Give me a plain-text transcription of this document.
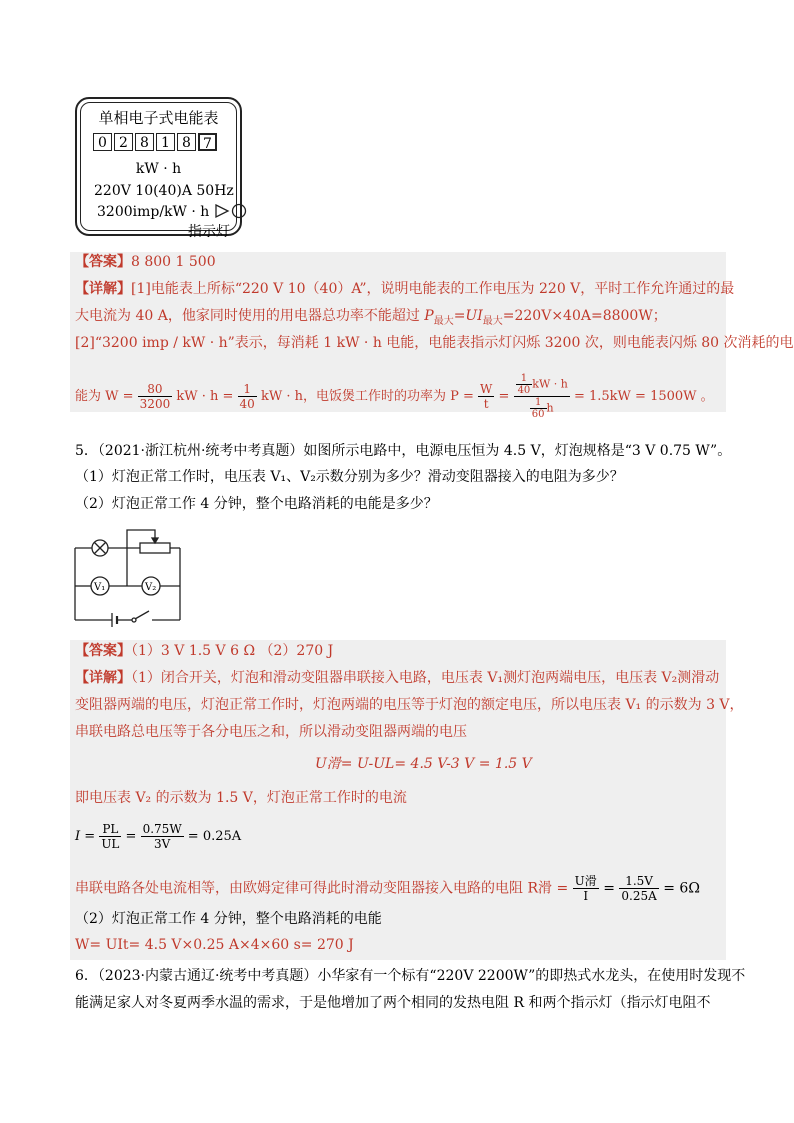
单相电子式电能表
0 2 8 1 8 7
kW · h
220V 10(40)A 50Hz
3200imp/kW · h
指示灯
【答案】8 800 1 500
【详解】[1]电能表上所标“220 V 10（40）A”，说明电能表的工作电压为 220 V，平时工作允许通过的最
大电流为 40 A，他家同时使用的用电器总功率不能超过 $P_{最大}=UI_{最大}=220V\times 40A=8800W$；
[2]“3200 imp / kW · h”表示，每消耗 1 kW · h 电能，电能表指示灯闪烁 3200 次，则电能表闪烁 80 次消耗的电
能为 $W = \frac{80}{3200}$ kW · $h = \frac{1}{40}$ kW · h，电饭煲工作时的功率为 $P = \frac{W}{t} = \frac{\frac{1}{40} kW \cdot h}{\frac{1}{60} h} = 1.5kW = 1500W$ 。
5．（2021·浙江杭州·统考中考真题）如图所示电路中，电源电压恒为 4.5 V，灯泡规格是“3 V 0.75 W”。
（1）灯泡正常工作时，电压表 V₁、V₂示数分别为多少？滑动变阻器接入的电阻为多少？
（2）灯泡正常工作 4 分钟，整个电路消耗的电能是多少？
V₁	V₂
【答案】（1）3 V 1.5 V 6 Ω （2）270 J
【详解】（1）闭合开关，灯泡和滑动变阻器串联接入电路，电压表 V₁测灯泡两端电压，电压表 V₂测滑动
变阻器两端的电压，灯泡正常工作时，灯泡两端的电压等于灯泡的额定电压，所以电压表 V₁ 的示数为 3 V，
串联电路总电压等于各分电压之和，所以滑动变阻器两端的电压
U滑= U-UL= 4.5 V-3 V = 1.5 V
即电压表 V₂ 的示数为 1.5 V，灯泡正常工作时的电流
$I = \frac{PL}{UL} = \frac{0.75W}{3V} = 0.25A$
串联电路各处电流相等，由欧姆定律可得此时滑动变阻器接入电路的电阻 R滑 = $\frac{\text{U滑}}{I} = \frac{1.5V}{0.25A} = 6\Omega$
（2）灯泡正常工作 4 分钟，整个电路消耗的电能
W= UIt= 4.5 V×0.25 A×4×60 s= 270 J
6．（2023·内蒙古通辽·统考中考真题）小华家有一个标有“220V 2200W”的即热式水龙头，在使用时发现不
能满足家人对冬夏两季水温的需求，于是他增加了两个相同的发热电阻 R 和两个指示灯（指示灯电阻不
